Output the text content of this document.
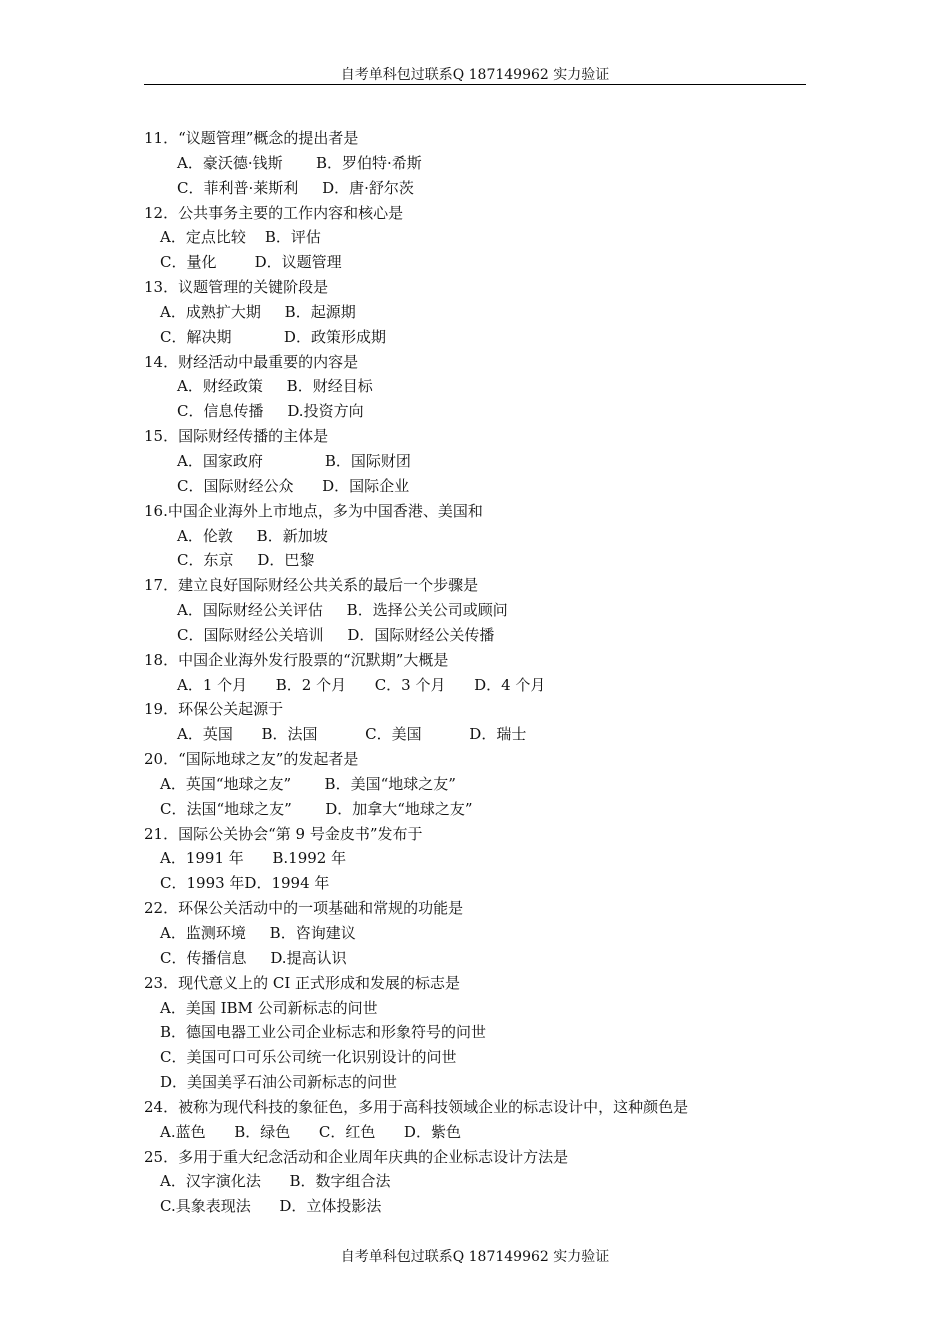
自考单科包过联系Q 187149962 实力验证
11．“议题管理”概念的提出者是
A．豪沃德·钱斯       B．罗伯特·希斯
C．菲利普·莱斯利     D．唐·舒尔茨
12．公共事务主要的工作内容和核心是
A．定点比较    B．评估
C．量化        D．议题管理
13．议题管理的关键阶段是
A．成熟扩大期     B．起源期
C．解决期           D．政策形成期
14．财经活动中最重要的内容是
A．财经政策     B．财经目标
C．信息传播     D.投资方向
15．国际财经传播的主体是
A．国家政府             B．国际财团
C．国际财经公众      D．国际企业
16.中国企业海外上市地点，多为中国香港、美国和
A．伦敦     B．新加坡
C．东京     D．巴黎
17．建立良好国际财经公共关系的最后一个步骤是
A．国际财经公关评估     B．选择公关公司或顾问
C．国际财经公关培训     D．国际财经公关传播
18．中国企业海外发行股票的“沉默期”大概是
A．1 个月      B．2 个月      C．3 个月      D．4 个月
19．环保公关起源于
A．英国      B．法国          C．美国          D．瑞士
20．“国际地球之友”的发起者是
A．英国“地球之友”       B．美国“地球之友”
C．法国“地球之友”       D．加拿大“地球之友”
21．国际公关协会“第 9 号金皮书”发布于
A．1991 年      B.1992 年
C．1993 年D．1994 年
22．环保公关活动中的一项基础和常规的功能是
A．监测环境     B．咨询建议
C．传播信息     D.提高认识
23．现代意义上的 CI 正式形成和发展的标志是
A．美国 IBM 公司新标志的问世
B．德国电器工业公司企业标志和形象符号的问世
C．美国可口可乐公司统一化识别设计的问世
D．美国美孚石油公司新标志的问世
24．被称为现代科技的象征色，多用于高科技领域企业的标志设计中，这种颜色是
A.蓝色      B．绿色      C．红色      D．紫色
25．多用于重大纪念活动和企业周年庆典的企业标志设计方法是
A．汉字演化法      B．数字组合法
C.具象表现法      D．立体投影法
自考单科包过联系Q 187149962 实力验证
